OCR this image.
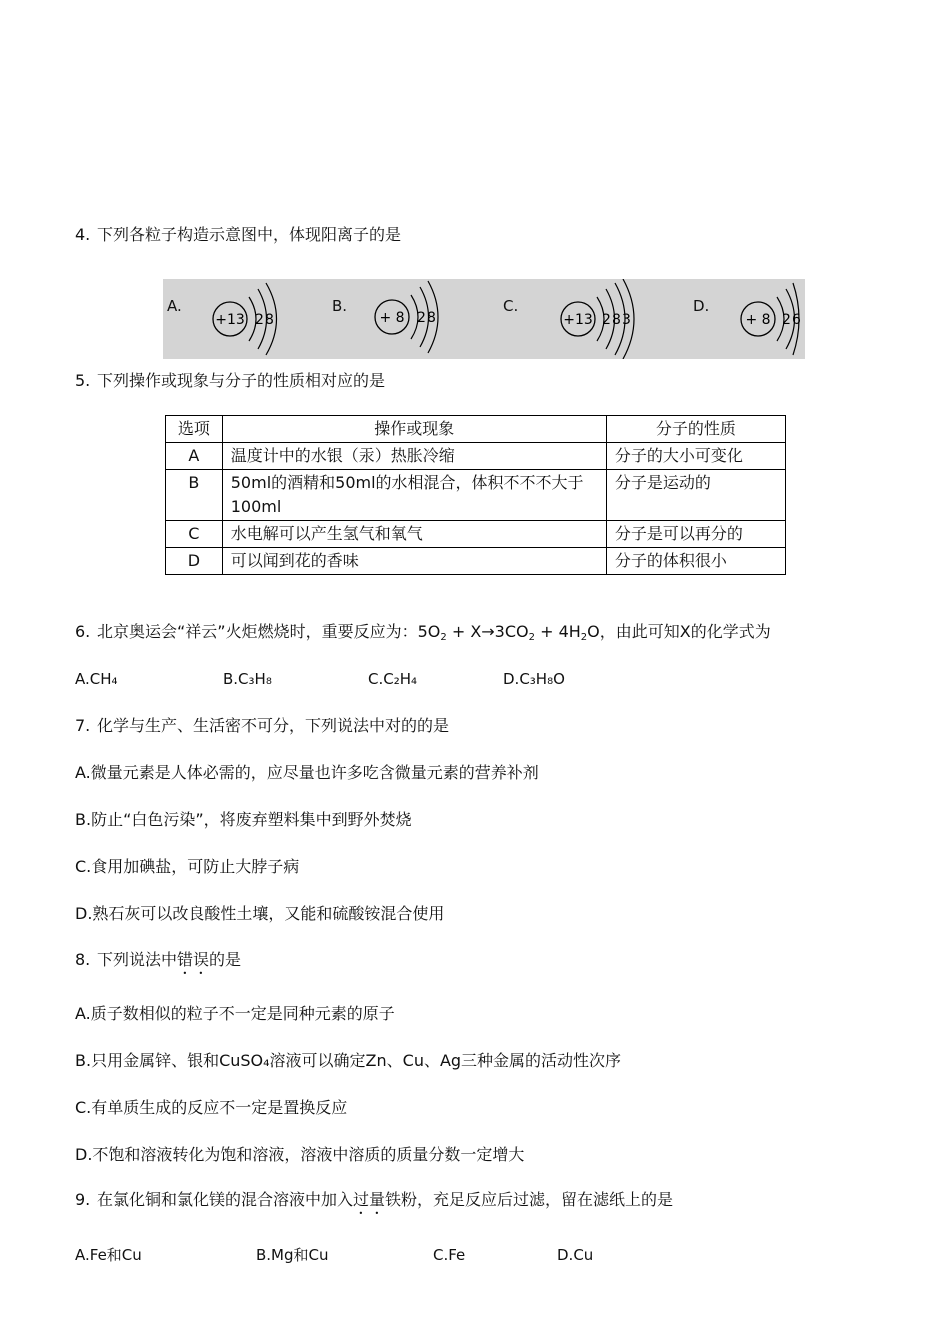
4. 下列各粒子构造示意图中，体现阳离子的是
A.
+13 2 8
B.
+ 8 2 8
C.
+13 2 8 3
D.
+ 8 2 6
5. 下列操作或现象与分子的性质相对应的是
选项	操作或现象	分子的性质
A	温度计中的水银（汞）热胀冷缩	分子的大小可变化
B	50ml的酒精和50ml的水相混合，体积不不不大于100ml	分子是运动的
C	水电解可以产生氢气和氧气	分子是可以再分的
D	可以闻到花的香味	分子的体积很小
6. 北京奥运会“祥云”火炬燃烧时，重要反应为：$5O_2 + X\to 3CO_2 + 4H_2O$，由此可知X的化学式为
A.CH₄	B.C₃H₈	C.C₂H₄	D.C₃H₈O
7. 化学与生产、生活密不可分，下列说法中对的的是
A.微量元素是人体必需的，应尽量也许多吃含微量元素的营养补剂
B.防止“白色污染”，将废弃塑料集中到野外焚烧
C.食用加碘盐，可防止大脖子病
D.熟石灰可以改良酸性土壤，又能和硫酸铵混合使用
8. 下列说法中错误的是
A.质子数相似的粒子不一定是同种元素的原子
B.只用金属锌、银和CuSO₄溶液可以确定Zn、Cu、Ag三种金属的活动性次序
C.有单质生成的反应不一定是置换反应
D.不饱和溶液转化为饱和溶液，溶液中溶质的质量分数一定增大
9. 在氯化铜和氯化镁的混合溶液中加入过量铁粉，充足反应后过滤，留在滤纸上的是
A.Fe和Cu	B.Mg和Cu	C.Fe	D.Cu
